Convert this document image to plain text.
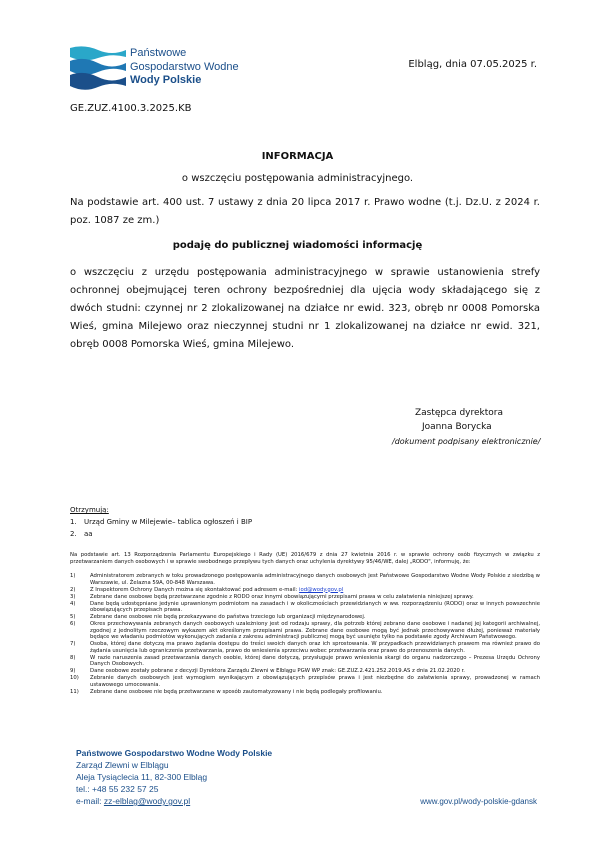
Państwowe
Gospodarstwo Wodne
Wody Polskie
Elbląg, dnia 07.05.2025 r.
GE.ZUZ.4100.3.2025.KB
INFORMACJA
o wszczęciu postępowania administracyjnego.
Na podstawie art. 400 ust. 7 ustawy z dnia 20 lipca 2017 r. Prawo wodne (t.j. Dz.U. z 2024 r. poz. 1087 ze zm.)
podaję do publicznej wiadomości informację
o wszczęciu z urzędu postępowania administracyjnego w sprawie ustanowienia strefy ochronnej obejmującej teren ochrony bezpośredniej dla ujęcia wody składającego się z dwóch studni: czynnej nr 2 zlokalizowanej na działce nr ewid. 323, obręb nr 0008 Pomorska Wieś, gmina Milejewo oraz nieczynnej studni nr 1 zlokalizowanej na działce nr ewid. 321, obręb 0008 Pomorska Wieś, gmina Milejewo.
Zastępca dyrektora
Joanna Borycka
/dokument podpisany elektronicznie/
Otrzymują:
1.	Urząd Gminy w Milejewie– tablica ogłoszeń i BIP
2.	aa
Na podstawie art. 13 Rozporządzenia Parlamentu Europejskiego i Rady (UE) 2016/679 z dnia 27 kwietnia 2016 r. w sprawie ochrony osób fizycznych w związku z przetwarzaniem danych osobowych i w sprawie swobodnego przepływu tych danych oraz uchylenia dyrektywy 95/46/WE, dalej „RODO", informuję, że:
1)	Administratorem zebranych w toku prowadzonego postępowania administracyjnego danych osobowych jest Państwowe Gospodarstwo Wodne Wody Polskie z siedzibą w Warszawie, ul. Żelazna 59A, 00-848 Warszawa.
2)	Z Inspektorem Ochrony Danych można się skontaktować pod adresem e-mail: iod@wody.gov.pl
3)	Zebrane dane osobowe będą przetwarzane zgodnie z RODO oraz innymi obowiązującymi przepisami prawa w celu załatwienia niniejszej sprawy.
4)	Dane będą udostępniane jedynie uprawnionym podmiotom na zasadach i w okolicznościach przewidzianych w ww. rozporządzeniu (RODO) oraz w innych powszechnie obowiązujących przepisach prawa.
5)	Zebrane dane osobowe nie będą przekazywane do państwa trzeciego lub organizacji międzynarodowej.
6)	Okres przechowywania zebranych danych osobowych uzależniony jest od rodzaju sprawy, dla potrzeb której zebrano dane osobowe i nadanej jej kategorii archiwalnej, zgodnej z jednolitym rzeczowym wykazem akt określonym przepisami prawa. Zebrane dane osobowe mogą być jednak przechowywane dłużej, ponieważ materiały będące we władaniu podmiotów wykonujących zadania z zakresu administracji publicznej mogą być usunięte tylko na podstawie zgody Archiwum Państwowego.
7)	Osoba, której dane dotyczą ma prawo żądania dostępu do treści swoich danych oraz ich sprostowania. W przypadkach przewidzianych prawem ma również prawo do żądania usunięcia lub ograniczenia przetwarzania, prawo do wniesienia sprzeciwu wobec przetwarzania oraz prawo do przenoszenia danych.
8)	W razie naruszenia zasad przetwarzania danych osobie, której dane dotyczą, przysługuje prawo wniesienia skargi do organu nadzorczego – Prezesa Urzędu Ochrony Danych Osobowych.
9)	Dane osobowe zostały pobrane z decyzji Dyrektora Zarządu Zlewni w Elblągu PGW WP znak: GE.ZUZ.2.421.252.2019.AS z dnia 21.02.2020 r.
10)	Zebranie danych osobowych jest wymogiem wynikającym z obowiązujących przepisów prawa i jest niezbędne do załatwienia sprawy, prowadzonej w ramach ustawowego umocowania.
11)	Zebrane dane osobowe nie będą przetwarzane w sposób zautomatyzowany i nie będą podlegały profilowaniu.
Państwowe Gospodarstwo Wodne Wody Polskie
Zarząd Zlewni w Elblągu
Aleja Tysiąclecia 11, 82-300 Elbląg
tel.: +48 55 232 57 25
e-mail: zz-elblag@wody.gov.pl	www.gov.pl/wody-polskie-gdansk
